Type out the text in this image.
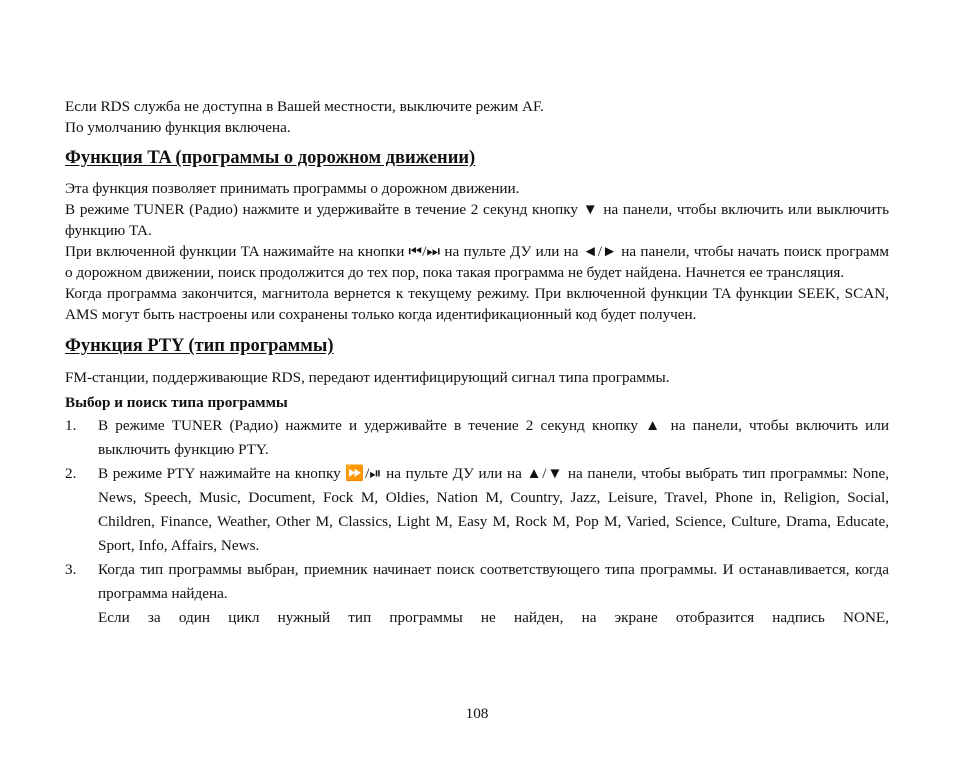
Если RDS служба не доступна в Вашей местности, выключите режим AF.

По умолчанию функция включена.

Функция TA (программы о дорожном движении)

Эта функция позволяет принимать программы о дорожном движении.

В режиме TUNER (Радио) нажмите и удерживайте в течение 2 секунд кнопку ▼ на панели, чтобы включить или выключить функцию TA.

При включенной функции TA нажимайте на кнопки ⏮/⏭ на пульте ДУ или на ◄/► на панели, чтобы начать поиск программ о дорожном движении, поиск продолжится до тех пор, пока такая программа не будет найдена. Начнется ее трансляция.

Когда программа закончится, магнитола вернется к текущему режиму. При включенной функции TA функции SEEK, SCAN, AMS могут быть настроены или сохранены только когда идентификационный код будет получен.

Функция PTY (тип программы)

FM-станции, поддерживающие RDS, передают идентифицирующий сигнал типа программы.

Выбор и поиск типа программы

1. В режиме TUNER (Радио) нажмите и удерживайте в течение 2 секунд кнопку ▲ на панели, чтобы включить или выключить функцию PTY.
2. В режиме PTY нажимайте на кнопку ⏩/⏯ на пульте ДУ или на ▲/▼ на панели, чтобы выбрать тип программы: None, News, Speech, Music, Document, Fock M, Oldies, Nation M, Country, Jazz, Leisure, Travel, Phone in, Religion, Social, Children, Finance, Weather, Other M, Classics, Light M, Easy M, Rock M, Pop M, Varied, Science, Culture, Drama, Educate, Sport, Info, Affairs, News.
3. Когда тип программы выбран, приемник начинает поиск соответствующего типа программы. И останавливается, когда программа найдена.

Если за один цикл нужный тип программы не найден, на экране отобразится надпись NONE,

108
